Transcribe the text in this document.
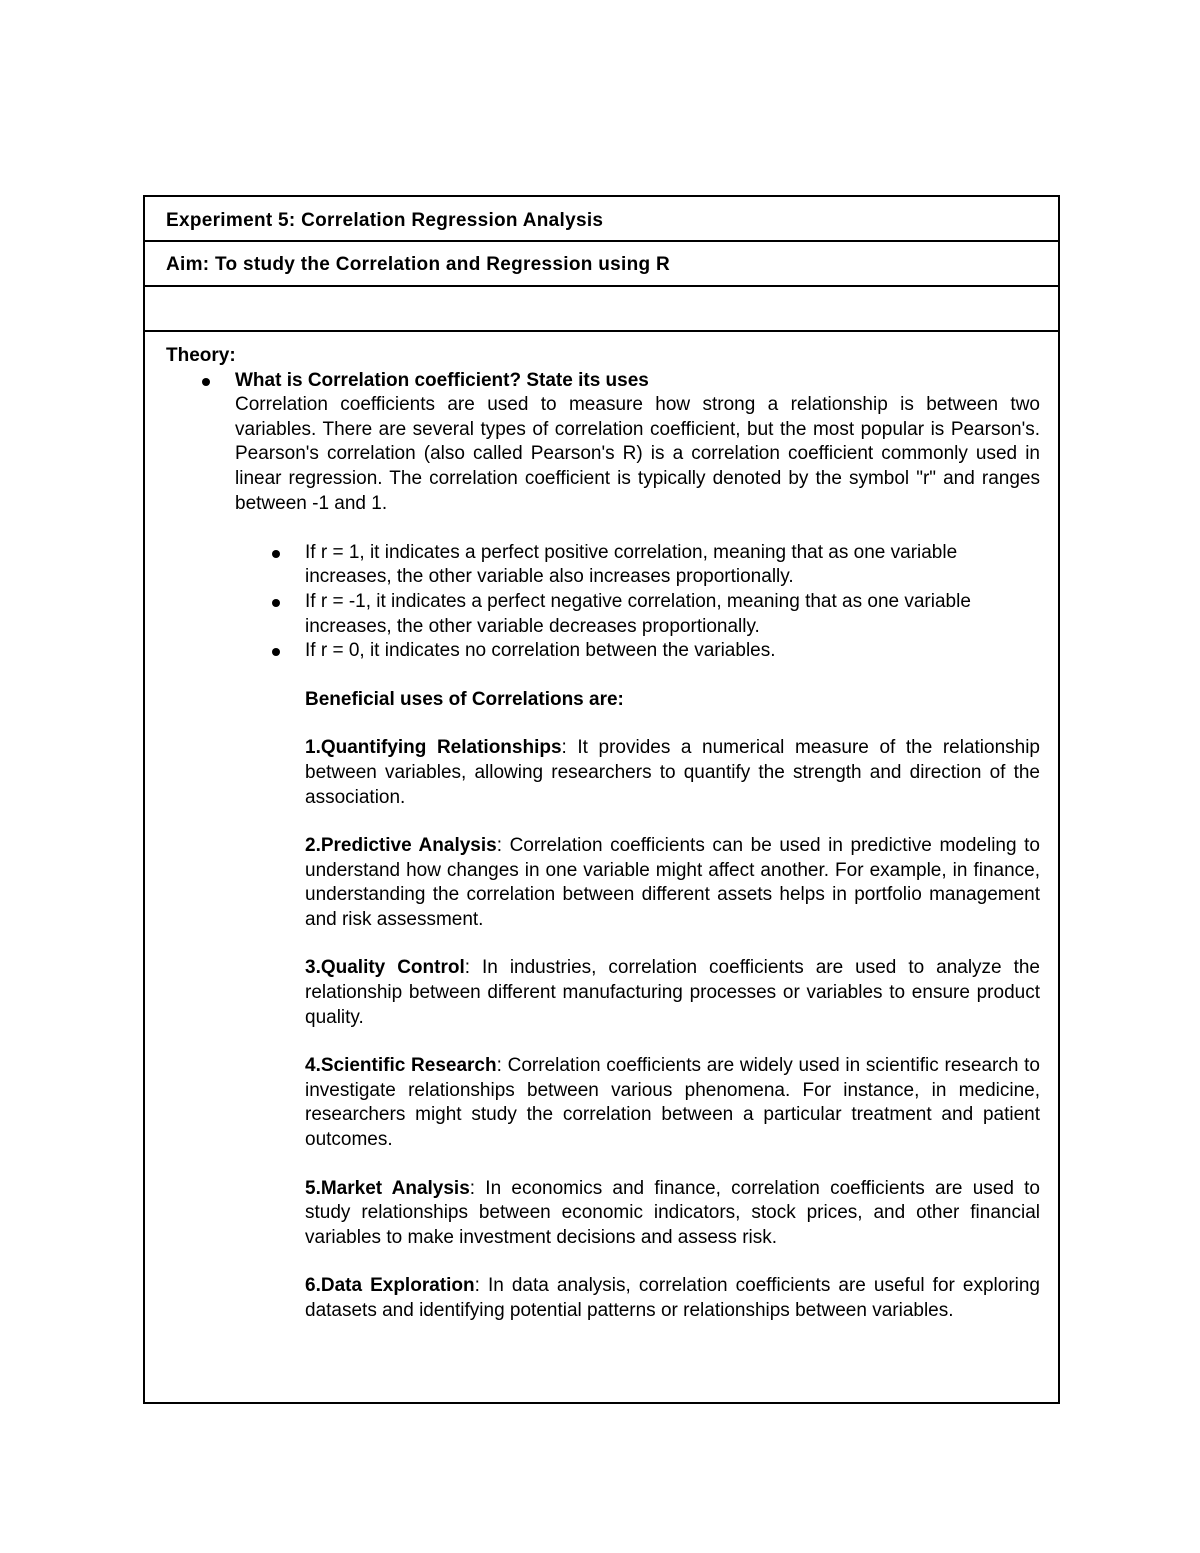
Experiment 5: Correlation Regression Analysis
Aim: To study the Correlation and Regression using R
Theory:
What is Correlation coefficient? State its uses
Correlation coefficients are used to measure how strong a relationship is between two variables. There are several types of correlation coefficient, but the most popular is Pearson's. Pearson's correlation (also called Pearson's R) is a correlation coefficient commonly used in linear regression. The correlation coefficient is typically denoted by the symbol "r" and ranges between -1 and 1.
If r = 1, it indicates a perfect positive correlation, meaning that as one variable increases, the other variable also increases proportionally.
If r = -1, it indicates a perfect negative correlation, meaning that as one variable increases, the other variable decreases proportionally.
If r = 0, it indicates no correlation between the variables.
Beneficial uses of Correlations are:
1.Quantifying Relationships: It provides a numerical measure of the relationship between variables, allowing researchers to quantify the strength and direction of the association.
2.Predictive Analysis: Correlation coefficients can be used in predictive modeling to understand how changes in one variable might affect another. For example, in finance, understanding the correlation between different assets helps in portfolio management and risk assessment.
3.Quality Control: In industries, correlation coefficients are used to analyze the relationship between different manufacturing processes or variables to ensure product quality.
4.Scientific Research: Correlation coefficients are widely used in scientific research to investigate relationships between various phenomena. For instance, in medicine, researchers might study the correlation between a particular treatment and patient outcomes.
5.Market Analysis: In economics and finance, correlation coefficients are used to study relationships between economic indicators, stock prices, and other financial variables to make investment decisions and assess risk.
6.Data Exploration: In data analysis, correlation coefficients are useful for exploring datasets and identifying potential patterns or relationships between variables.
